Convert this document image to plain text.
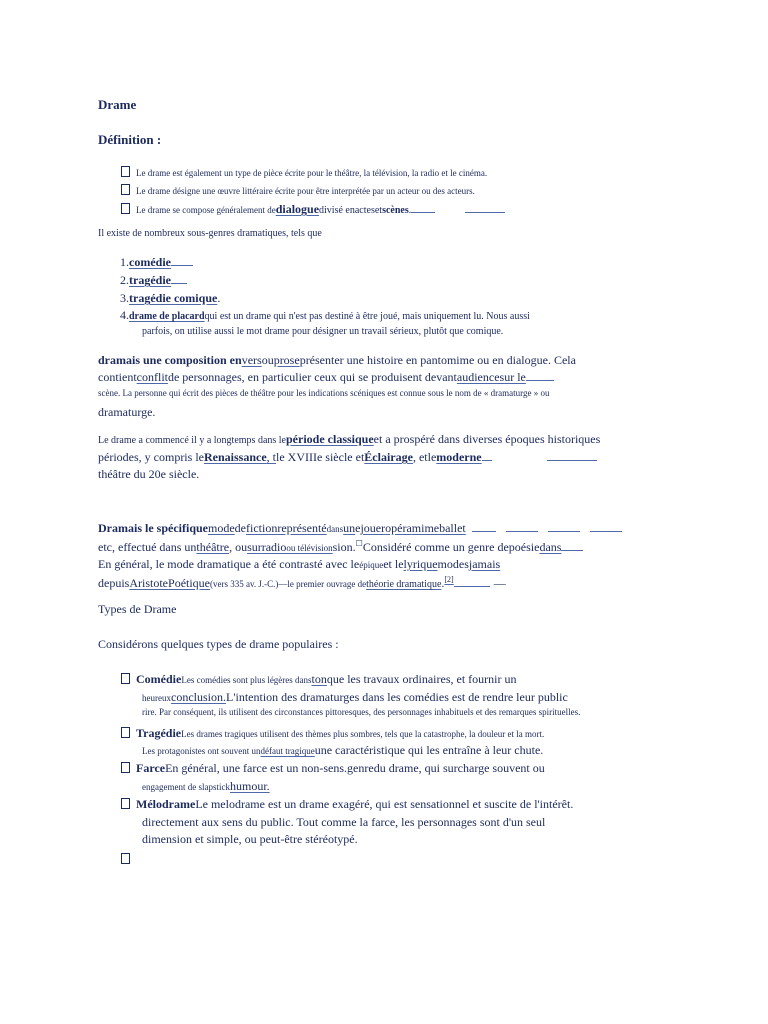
Drame
Définition :
Le drame est également un type de pièce écrite pour le théâtre, la télévision, la radio et le cinéma.
Le drame désigne une œuvre littéraire écrite pour être interprétée par un acteur ou des acteurs.
Le drame se compose généralement dedialoguedivisé enactesetscènes.
Il existe de nombreux sous-genres dramatiques, tels que
1.comédie
2.tragédie
3.tragédie comique.
4.drame de placardqui est un drame qui n'est pas destiné à être joué, mais uniquement lu. Nous aussi
parfois, on utilise aussi le mot drame pour désigner un travail sérieux, plutôt que comique.
dramais une composition enversouproseprésenter une histoire en pantomime ou en dialogue. Cela
contientconflitde personnages, en particulier ceux qui se produisent devantaudiencesur le
scène. La personne qui écrit des pièces de théâtre pour les indications scéniques est connue sous le nom de « dramaturge » ou
dramaturge.
Le drame a commencé il y a longtemps dans lepériode classiqueet a prospéré dans diverses époques historiques
périodes, y compris leRenaissance, tle XVIIIe siècle etÉclairage, etlemoderne
théâtre du 20e siècle.
Dramais le spécifiquemodedefictionreprésentédansunejoueropéramimeballet
etc, effectué dans unthéâtre, ousurradioou télévisionsion.☐Considéré comme un genre depoésiedans
En général, le mode dramatique a été contrasté avec leépiqueet lelyriquemodesjamais
depuisAristotePoétique(vers 335 av. J.-C.)—le premier ouvrage dethéorie dramatique.[2]	—
Types de Drame
Considérons quelques types de drame populaires :
ComédieLes comédies sont plus légères danstonque les travaux ordinaires, et fournir un
heureuxconclusion.L'intention des dramaturges dans les comédies est de rendre leur public
rire. Par conséquent, ils utilisent des circonstances pittoresques, des personnages inhabituels et des remarques spirituelles.
TragédieLes drames tragiques utilisent des thèmes plus sombres, tels que la catastrophe, la douleur et la mort.
Les protagonistes ont souvent undéfaut tragiqueune caractéristique qui les entraîne à leur chute.
FarceEn général, une farce est un non-sens.genredu drame, qui surcharge souvent ou
engagement de slapstickhumour.
MélodrameLe melodrame est un drame exagéré, qui est sensationnel et suscite de l'intérêt.
directement aux sens du public. Tout comme la farce, les personnages sont d'un seul
dimension et simple, ou peut-être stéréotypé.
